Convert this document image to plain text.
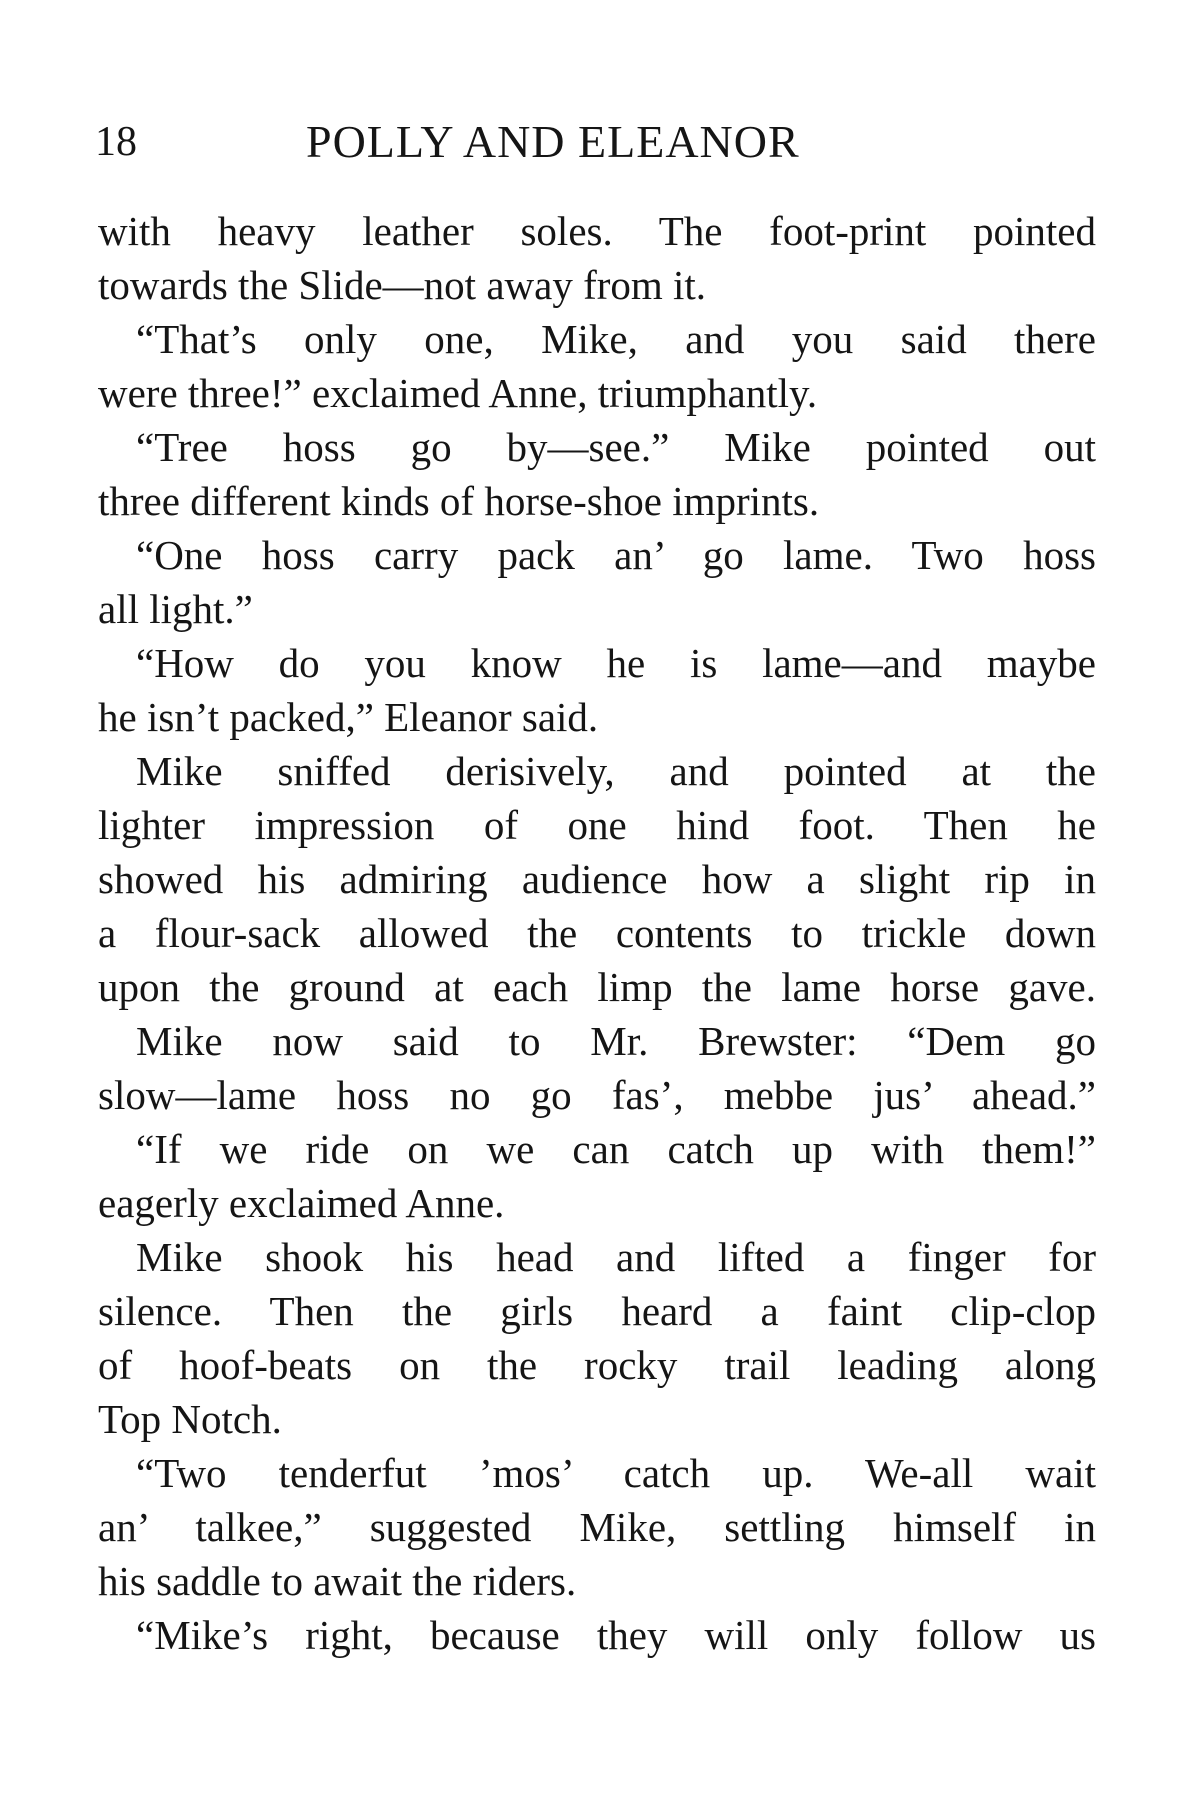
18	POLLY AND ELEANOR
with heavy leather soles. The foot-print pointed
towards the Slide—not away from it.
“That’s only one, Mike, and you said there
were three!” exclaimed Anne, triumphantly.
“Tree hoss go by—see.” Mike pointed out
three different kinds of horse-shoe imprints.
“One hoss carry pack an’ go lame. Two hoss
all light.”
“How do you know he is lame—and maybe
he isn’t packed,” Eleanor said.
Mike sniffed derisively, and pointed at the
lighter impression of one hind foot. Then he
showed his admiring audience how a slight rip in
a flour-sack allowed the contents to trickle down
upon the ground at each limp the lame horse gave.
Mike now said to Mr. Brewster: “Dem go
slow—lame hoss no go fas’, mebbe jus’ ahead.”
“If we ride on we can catch up with them!”
eagerly exclaimed Anne.
Mike shook his head and lifted a finger for
silence. Then the girls heard a faint clip-clop
of hoof-beats on the rocky trail leading along
Top Notch.
“Two tenderfut ’mos’ catch up. We-all wait
an’ talkee,” suggested Mike, settling himself in
his saddle to await the riders.
“Mike’s right, because they will only follow us
